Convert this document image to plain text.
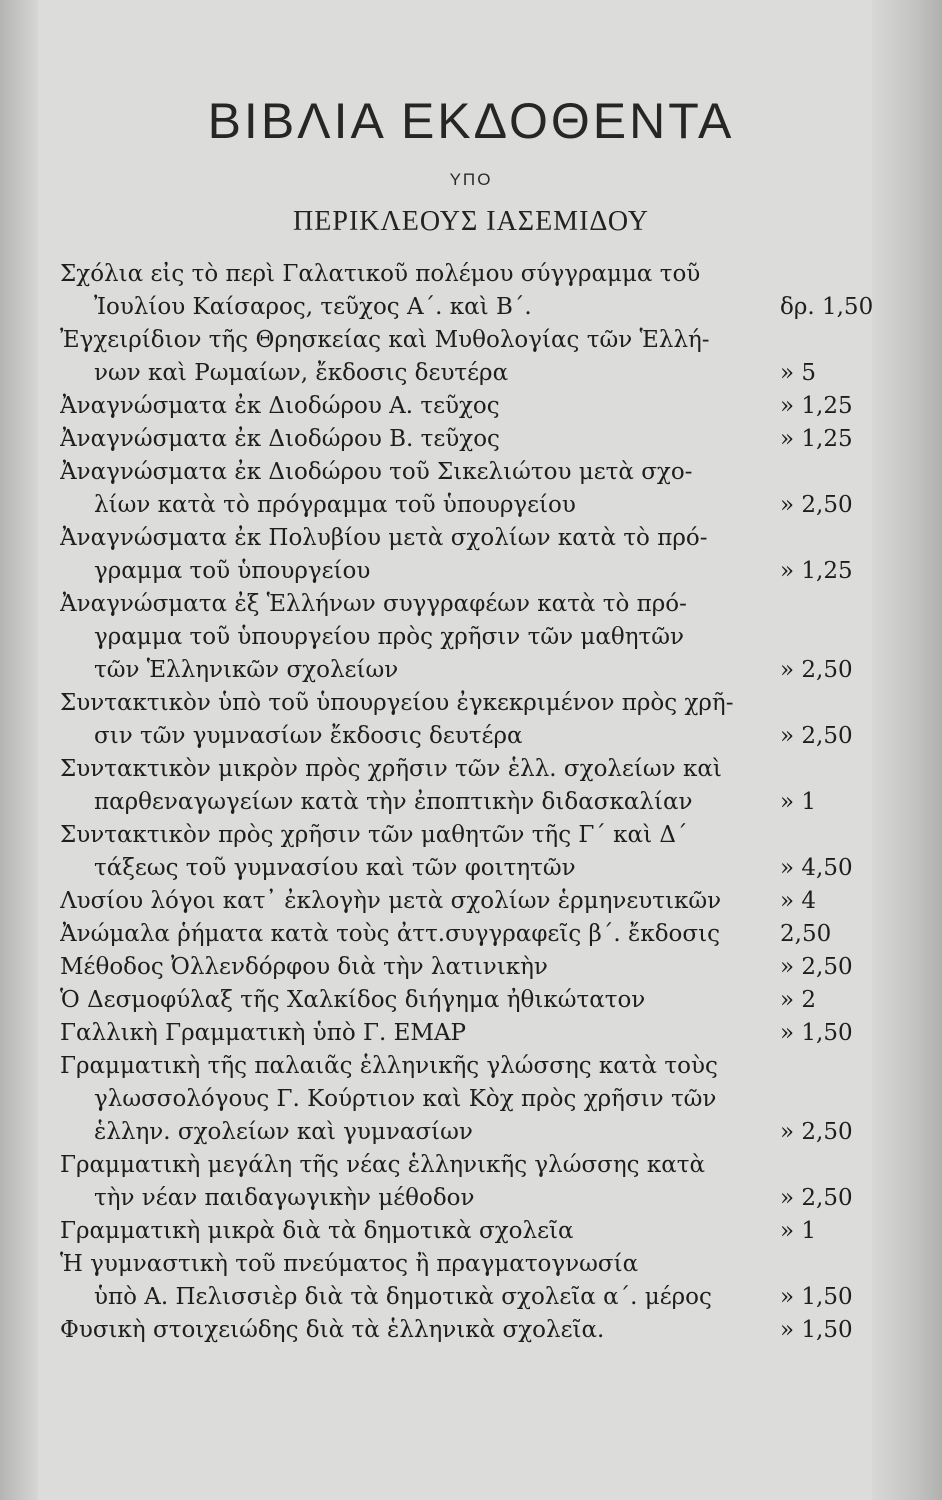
ΒΙΒΛΙΑ ΕΚΔΟΘΕΝΤΑ
ΥΠΟ
ΠΕΡΙΚΛΕΟΥΣ ΙΑΣΕΜΙΔΟΥ
Σχόλια εἰς τὸ περὶ Γαλατικοῦ πολέμου σύγγραμμα τοῦ
Ἰουλίου Καίσαρος, τεῦχος Α΄. καὶ Β΄.	δρ. 1,50
Ἐγχειρίδιον τῆς Θρησκείας καὶ Μυθολογίας τῶν Ἑλλή-
νων καὶ Ρωμαίων, ἔκδοσις δευτέρα	» 5
Ἀναγνώσματα ἐκ Διοδώρου Α. τεῦχος	» 1,25
Ἀναγνώσματα ἐκ Διοδώρου Β. τεῦχος	» 1,25
Ἀναγνώσματα ἐκ Διοδώρου τοῦ Σικελιώτου μετὰ σχο-
λίων κατὰ τὸ πρόγραμμα τοῦ ὑπουργείου	» 2,50
Ἀναγνώσματα ἐκ Πολυβίου μετὰ σχολίων κατὰ τὸ πρό-
γραμμα τοῦ ὑπουργείου	» 1,25
Ἀναγνώσματα ἐξ Ἑλλήνων συγγραφέων κατὰ τὸ πρό-
γραμμα τοῦ ὑπουργείου πρὸς χρῆσιν τῶν μαθητῶν
τῶν Ἑλληνικῶν σχολείων	» 2,50
Συντακτικὸν ὑπὸ τοῦ ὑπουργείου ἐγκεκριμένον πρὸς χρῆ-
σιν τῶν γυμνασίων ἔκδοσις δευτέρα	» 2,50
Συντακτικὸν μικρὸν πρὸς χρῆσιν τῶν ἑλλ. σχολείων καὶ
παρθεναγωγείων κατὰ τὴν ἐποπτικὴν διδασκαλίαν	» 1
Συντακτικὸν πρὸς χρῆσιν τῶν μαθητῶν τῆς Γ΄ καὶ Δ΄
τάξεως τοῦ γυμνασίου καὶ τῶν φοιτητῶν	» 4,50
Λυσίου λόγοι κατ᾽ ἐκλογὴν μετὰ σχολίων ἑρμηνευτικῶν	» 4
Ἀνώμαλα ῥήματα κατὰ τοὺς ἀττ.συγγραφεῖς β΄. ἔκδοσις	2,50
Μέθοδος Ὀλλενδόρφου διὰ τὴν λατινικὴν	» 2,50
Ὁ Δεσμοφύλαξ τῆς Χαλκίδος διήγημα ἠθικώτατον	» 2
Γαλλικὴ Γραμματικὴ ὑπὸ Γ. ΕΜΑΡ	» 1,50
Γραμματικὴ τῆς παλαιᾶς ἑλληνικῆς γλώσσης κατὰ τοὺς
γλωσσολόγους Γ. Κούρτιον καὶ Κὸχ πρὸς χρῆσιν τῶν
ἑλλην. σχολείων καὶ γυμνασίων	» 2,50
Γραμματικὴ μεγάλη τῆς νέας ἑλληνικῆς γλώσσης κατὰ
τὴν νέαν παιδαγωγικὴν μέθοδον	» 2,50
Γραμματικὴ μικρὰ διὰ τὰ δημοτικὰ σχολεῖα	» 1
Ἡ γυμναστικὴ τοῦ πνεύματος ἢ πραγματογνωσία
ὑπὸ Α. Πελισσιὲρ διὰ τὰ δημοτικὰ σχολεῖα α΄. μέρος	» 1,50
Φυσικὴ στοιχειώδης διὰ τὰ ἑλληνικὰ σχολεῖα.	» 1,50
